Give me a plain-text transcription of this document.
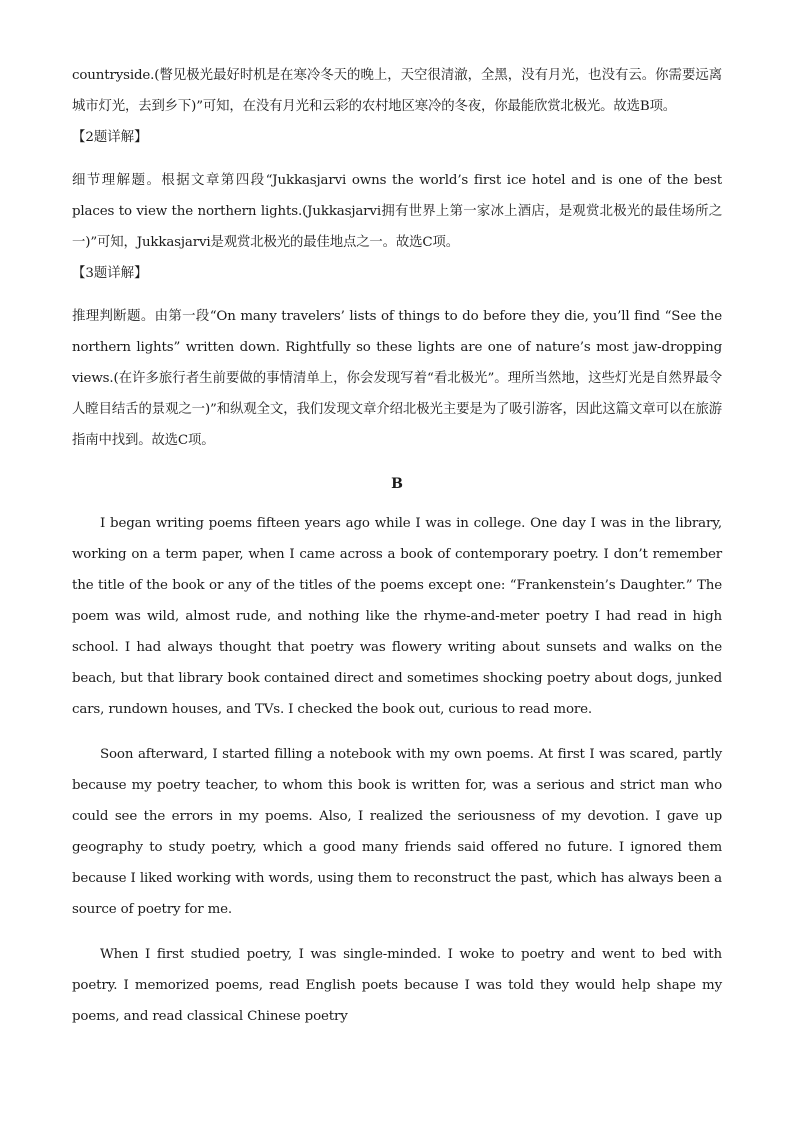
countryside.(瞥见极光最好时机是在寒冷冬天的晚上，天空很清澈，全黑，没有月光，也没有云。你需要远离城市灯光，去到乡下)”可知，在没有月光和云彩的农村地区寒冷的冬夜，你最能欣赏北极光。故选B项。

【2题详解】

细节理解题。根据文章第四段“Jukkasjarvi owns the world’s first ice hotel and is one of the best places to view the northern lights.(Jukkasjarvi拥有世界上第一家冰上酒店，是观赏北极光的最佳场所之一)”可知，Jukkasjarvi是观赏北极光的最佳地点之一。故选C项。

【3题详解】

推理判断题。由第一段“On many travelers’ lists of things to do before they die, you’ll find “See the northern lights” written down. Rightfully so these lights are one of nature’s most jaw-dropping views.(在许多旅行者生前要做的事情清单上，你会发现写着“看北极光”。理所当然地，这些灯光是自然界最令人瞠目结舌的景观之一)”和纵观全文，我们发现文章介绍北极光主要是为了吸引游客，因此这篇文章可以在旅游指南中找到。故选C项。

B

I began writing poems fifteen years ago while I was in college. One day I was in the library, working on a term paper, when I came across a book of contemporary poetry. I don’t remember the title of the book or any of the titles of the poems except one: “Frankenstein’s Daughter.” The poem was wild, almost rude, and nothing like the rhyme-and-meter poetry I had read in high school. I had always thought that poetry was flowery writing about sunsets and walks on the beach, but that library book contained direct and sometimes shocking poetry about dogs, junked cars, rundown houses, and TVs. I checked the book out, curious to read more.

Soon afterward, I started filling a notebook with my own poems. At first I was scared, partly because my poetry teacher, to whom this book is written for, was a serious and strict man who could see the errors in my poems. Also, I realized the seriousness of my devotion. I gave up geography to study poetry, which a good many friends said offered no future. I ignored them because I liked working with words, using them to reconstruct the past, which has always been a source of poetry for me.

When I first studied poetry, I was single-minded. I woke to poetry and went to bed with poetry. I memorized poems, read English poets because I was told they would help shape my poems, and read classical Chinese poetry
